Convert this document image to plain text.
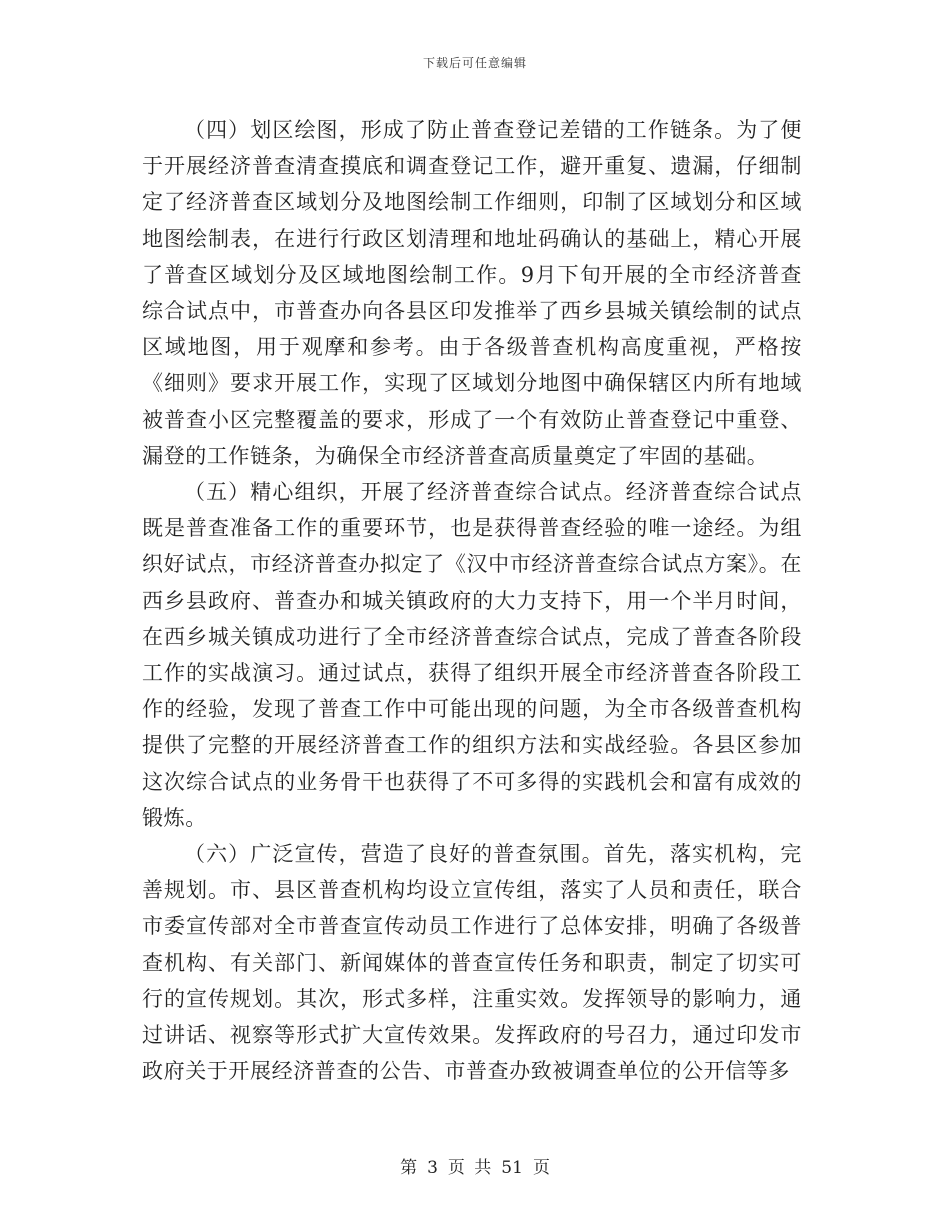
下载后可任意编辑

（四）划区绘图，形成了防止普查登记差错的工作链条。为了便于开展经济普查清查摸底和调查登记工作，避开重复、遗漏，仔细制定了经济普查区域划分及地图绘制工作细则，印制了区域划分和区域地图绘制表，在进行行政区划清理和地址码确认的基础上，精心开展了普查区域划分及区域地图绘制工作。9月下旬开展的全市经济普查综合试点中，市普查办向各县区印发推举了西乡县城关镇绘制的试点区域地图，用于观摩和参考。由于各级普查机构高度重视，严格按《细则》要求开展工作，实现了区域划分地图中确保辖区内所有地域被普查小区完整覆盖的要求，形成了一个有效防止普查登记中重登、漏登的工作链条，为确保全市经济普查高质量奠定了牢固的基础。

（五）精心组织，开展了经济普查综合试点。经济普查综合试点既是普查准备工作的重要环节，也是获得普查经验的唯一途经。为组织好试点，市经济普查办拟定了《汉中市经济普查综合试点方案》。在西乡县政府、普查办和城关镇政府的大力支持下，用一个半月时间，在西乡城关镇成功进行了全市经济普查综合试点，完成了普查各阶段工作的实战演习。通过试点，获得了组织开展全市经济普查各阶段工作的经验，发现了普查工作中可能出现的问题，为全市各级普查机构提供了完整的开展经济普查工作的组织方法和实战经验。各县区参加这次综合试点的业务骨干也获得了不可多得的实践机会和富有成效的锻炼。

（六）广泛宣传，营造了良好的普查氛围。首先，落实机构，完善规划。市、县区普查机构均设立宣传组，落实了人员和责任，联合市委宣传部对全市普查宣传动员工作进行了总体安排，明确了各级普查机构、有关部门、新闻媒体的普查宣传任务和职责，制定了切实可行的宣传规划。其次，形式多样，注重实效。发挥领导的影响力，通过讲话、视察等形式扩大宣传效果。发挥政府的号召力，通过印发市政府关于开展经济普查的公告、市普查办致被调查单位的公开信等多

第 3 页 共 51 页
